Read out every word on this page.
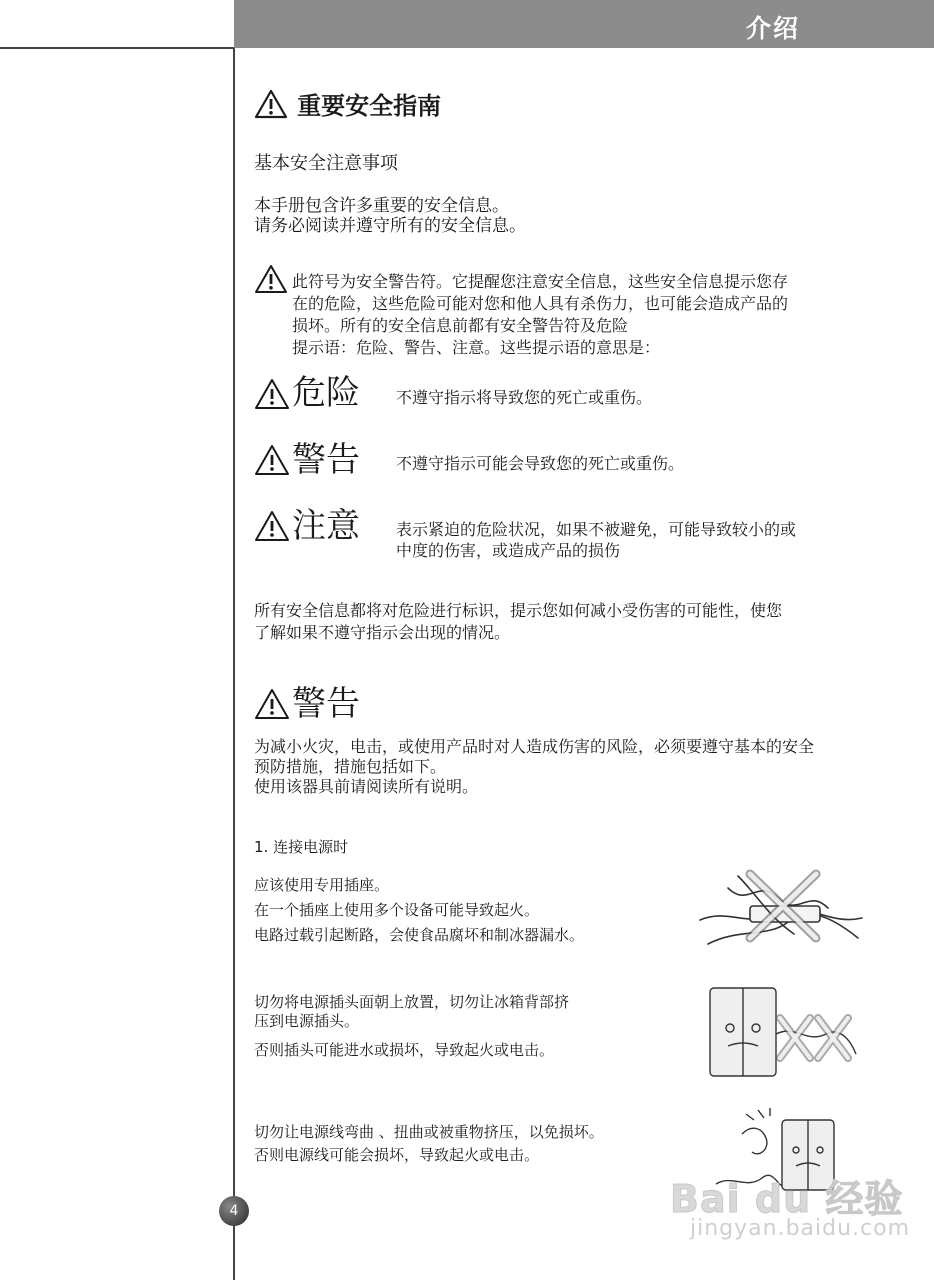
介绍
重要安全指南
基本安全注意事项
本手册包含许多重要的安全信息。
请务必阅读并遵守所有的安全信息。
此符号为安全警告符。它提醒您注意安全信息，这些安全信息提示您存
在的危险，这些危险可能对您和他人具有杀伤力，也可能会造成产品的
损坏。所有的安全信息前都有安全警告符及危险
提示语：危险、警告、注意。这些提示语的意思是：
危险 不遵守指示将导致您的死亡或重伤。
警告 不遵守指示可能会导致您的死亡或重伤。
注意 表示紧迫的危险状况，如果不被避免，可能导致较小的或
中度的伤害，或造成产品的损伤
所有安全信息都将对危险进行标识，提示您如何减小受伤害的可能性，使您
了解如果不遵守指示会出现的情况。
警告
为减小火灾，电击，或使用产品时对人造成伤害的风险，必须要遵守基本的安全
预防措施，措施包括如下。
使用该器具前请阅读所有说明。
1. 连接电源时
应该使用专用插座。
在一个插座上使用多个设备可能导致起火。
电路过载引起断路，会使食品腐坏和制冰器漏水。
切勿将电源插头面朝上放置，切勿让冰箱背部挤
压到电源插头。
否则插头可能进水或损坏，导致起火或电击。
切勿让电源线弯曲 、扭曲或被重物挤压，以免损坏。
否则电源线可能会损坏，导致起火或电击。
4	Bai du 经验
jingyan.baidu.com
